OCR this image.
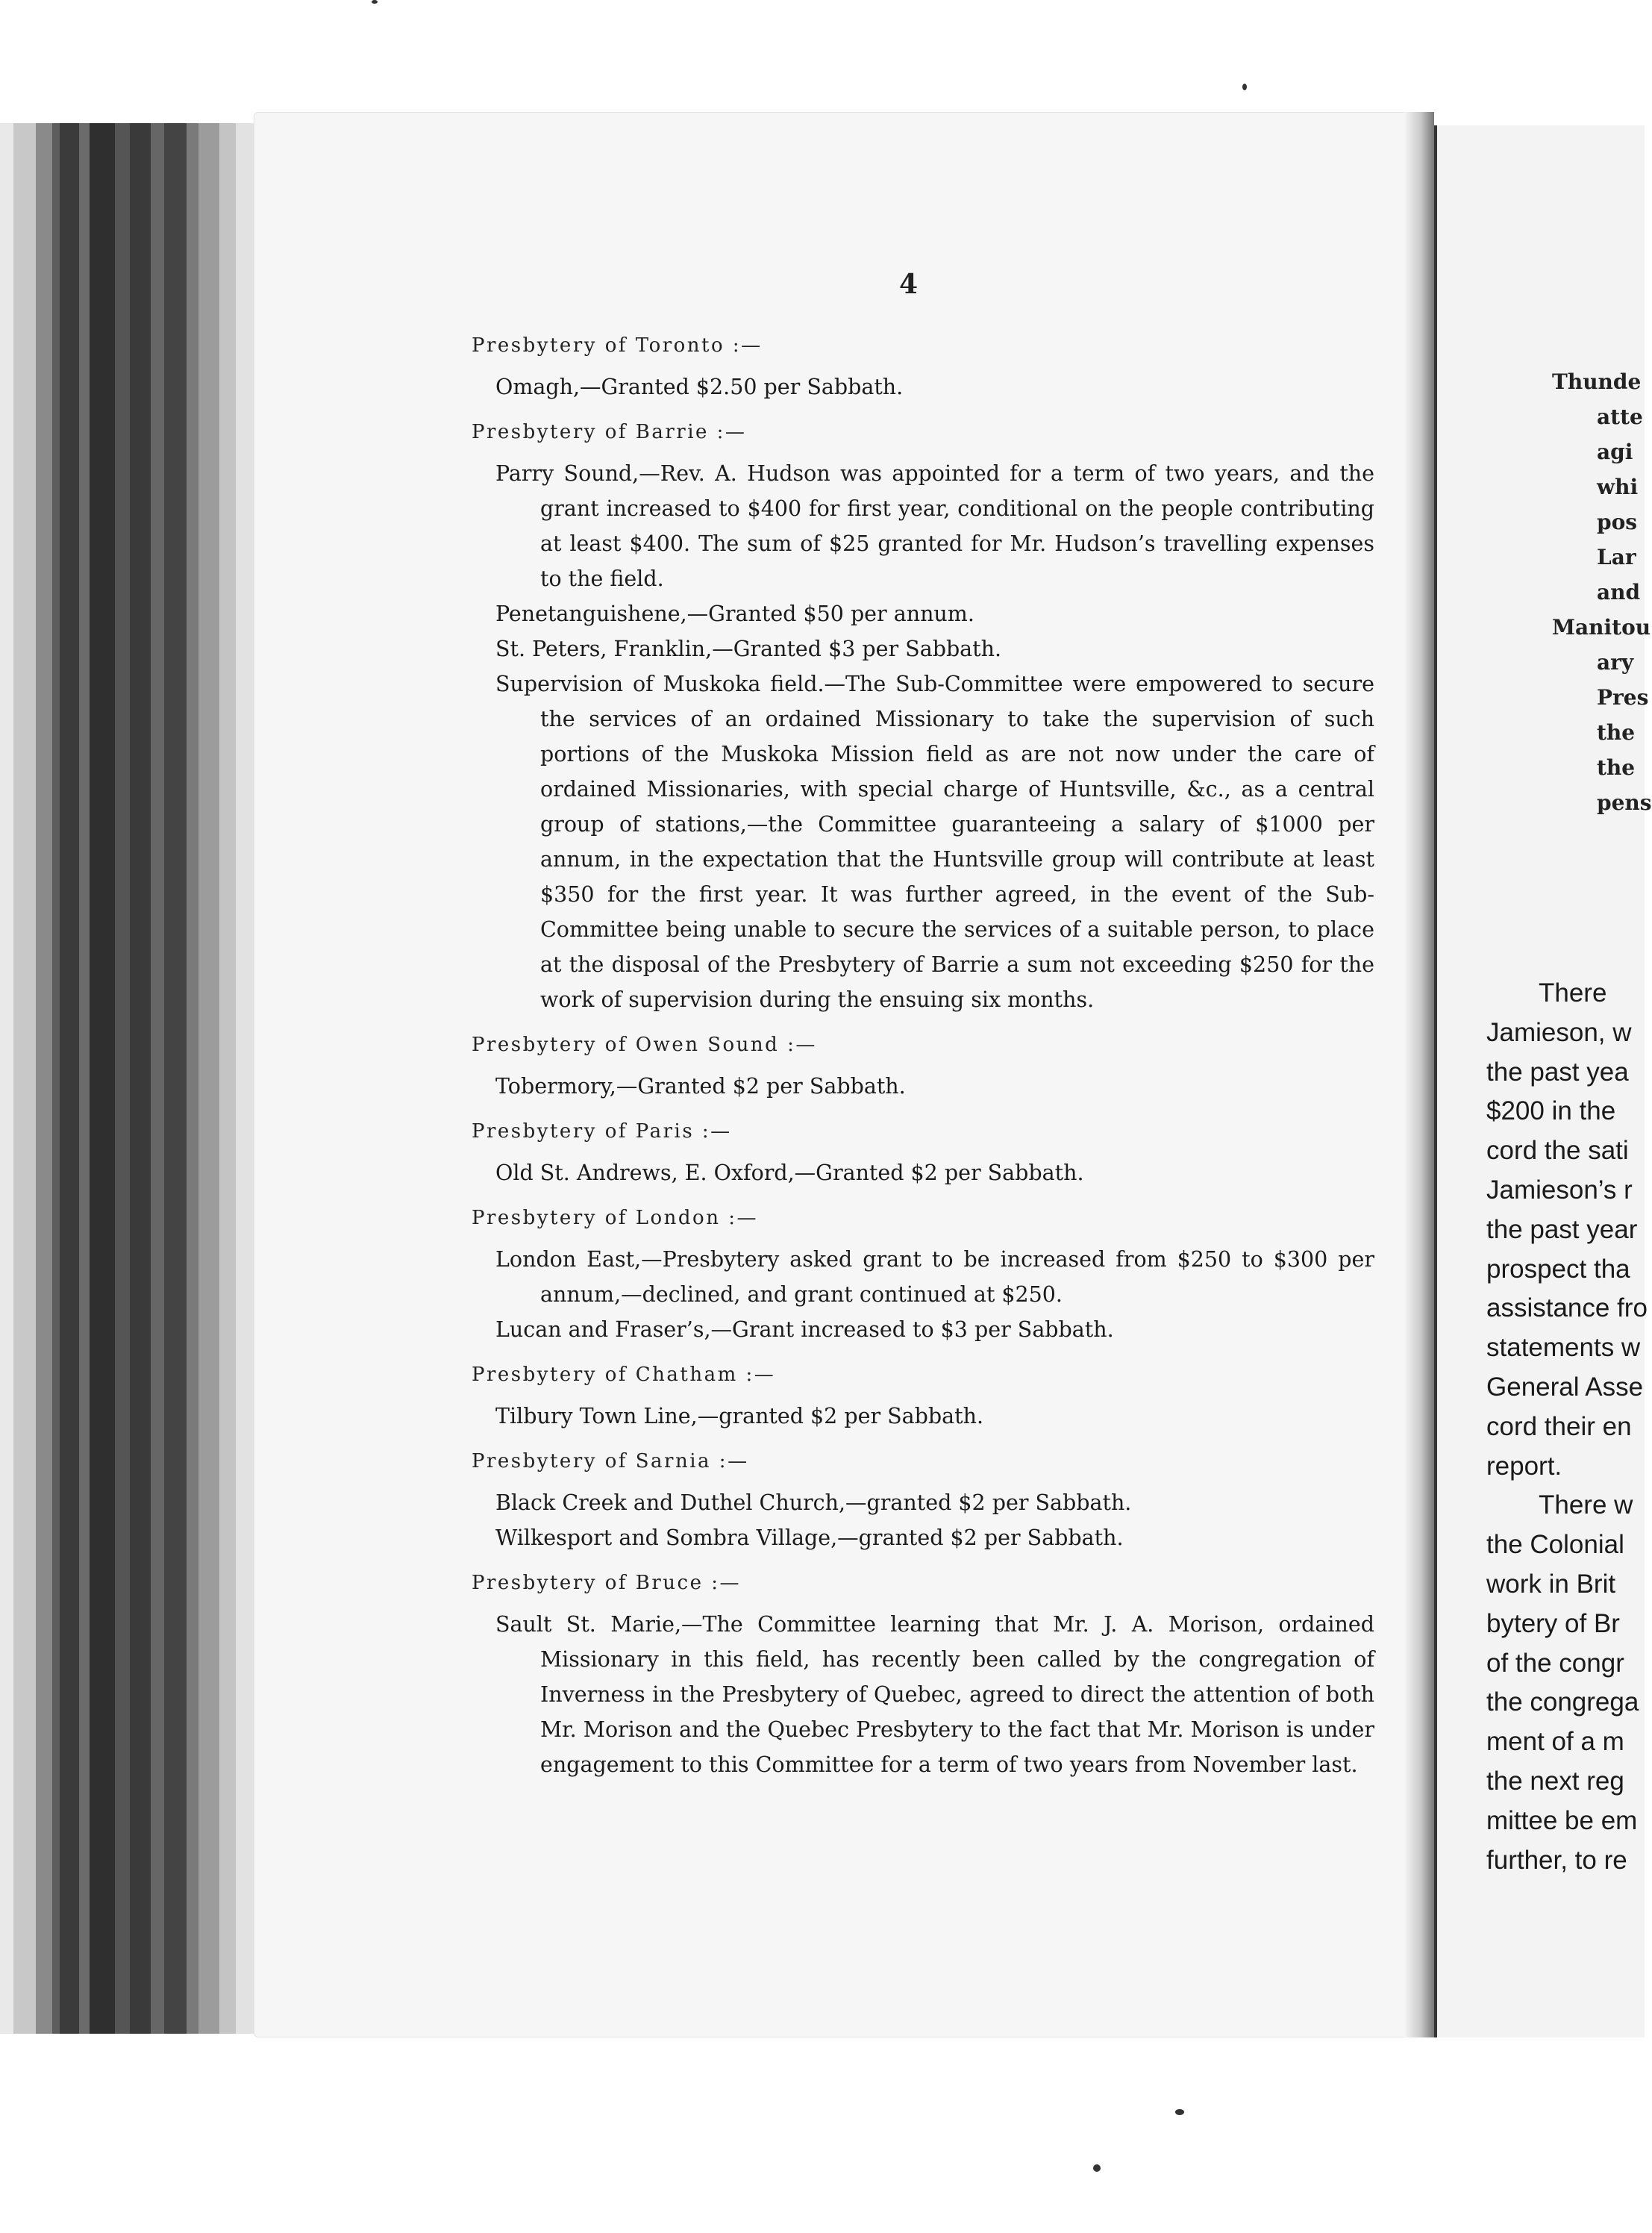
4
Presbytery of Toronto :—
Omagh,—Granted $2.50 per Sabbath.
Presbytery of Barrie :—
Parry Sound,—Rev. A. Hudson was appointed for a term of two years, and the grant increased to $400 for first year, conditional on the people contributing at least $400. The sum of $25 granted for Mr. Hudson’s travelling expenses to the field.
Penetanguishene,—Granted $50 per annum.
St. Peters, Franklin,—Granted $3 per Sabbath.
Supervision of Muskoka field.—The Sub-Committee were empowered to secure the services of an ordained Missionary to take the supervision of such portions of the Muskoka Mission field as are not now under the care of ordained Missionaries, with special charge of Huntsville, &c., as a central group of stations,—the Committee guaranteeing a salary of $1000 per annum, in the expectation that the Huntsville group will contribute at least $350 for the first year. It was further agreed, in the event of the Sub-Committee being unable to secure the services of a suitable person, to place at the disposal of the Presbytery of Barrie a sum not exceeding $250 for the work of supervision during the ensuing six months.
Presbytery of Owen Sound :—
Tobermory,—Granted $2 per Sabbath.
Presbytery of Paris :—
Old St. Andrews, E. Oxford,—Granted $2 per Sabbath.
Presbytery of London :—
London East,—Presbytery asked grant to be increased from $250 to $300 per annum,—declined, and grant continued at $250.
Lucan and Fraser’s,—Grant increased to $3 per Sabbath.
Presbytery of Chatham :—
Tilbury Town Line,—granted $2 per Sabbath.
Presbytery of Sarnia :—
Black Creek and Duthel Church,—granted $2 per Sabbath.
Wilkesport and Sombra Village,—granted $2 per Sabbath.
Presbytery of Bruce :—
Sault St. Marie,—The Committee learning that Mr. J. A. Morison, ordained Missionary in this field, has recently been called by the congregation of Inverness in the Presbytery of Quebec, agreed to direct the attention of both Mr. Morison and the Quebec Presbytery to the fact that Mr. Morison is under engagement to this Committee for a term of two years from November last.
Thunde
atte
agi
whi
pos
Lar
and
Manitou
ary
Pres
the
the
pens
There
Jamieson, w
the past yea
$200 in the
cord the sati
Jamieson’s r
the past year
prospect tha
assistance fro
statements w
General Asse
cord their en
report.
There w
the Colonial
work in Brit
bytery of Br
of the congr
the congrega
ment of a m
the next reg
mittee be em
further, to re
